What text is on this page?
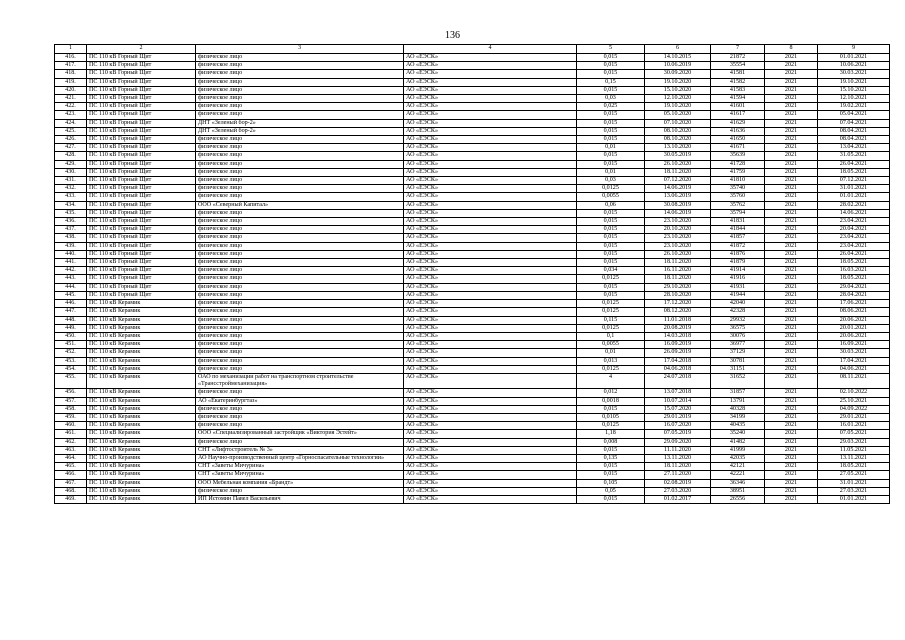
136
1	2	3	4	5	6	7	8	9
416.	ПС 110 кВ Горный Щит	физическое лицо	АО «ЕЭСК»	0,015	14.10.2015	21872	2021	01.01.2021
417.	ПС 110 кВ Горный Щит	физическое лицо	АО «ЕЭСК»	0,015	10.06.2019	35554	2021	10.06.2021
418.	ПС 110 кВ Горный Щит	физическое лицо	АО «ЕЭСК»	0,015	30.09.2020	41581	2021	30.03.2021
419.	ПС 110 кВ Горный Щит	физическое лицо	АО «ЕЭСК»	0,15	19.10.2020	41582	2021	19.10.2021
420.	ПС 110 кВ Горный Щит	физическое лицо	АО «ЕЭСК»	0,015	15.10.2020	41583	2021	15.10.2021
421.	ПС 110 кВ Горный Щит	физическое лицо	АО «ЕЭСК»	0,03	12.10.2020	41594	2021	12.10.2021
422.	ПС 110 кВ Горный Щит	физическое лицо	АО «ЕЭСК»	0,025	19.10.2020	41601	2021	19.02.2021
423.	ПС 110 кВ Горный Щит	физическое лицо	АО «ЕЭСК»	0,015	05.10.2020	41617	2021	05.04.2021
424.	ПС 110 кВ Горный Щит	ДНТ «Зеленый бор-2»	АО «ЕЭСК»	0,015	07.10.2020	41629	2021	07.04.2021
425.	ПС 110 кВ Горный Щит	ДНТ «Зеленый бор-2»	АО «ЕЭСК»	0,015	08.10.2020	41636	2021	08.04.2021
426.	ПС 110 кВ Горный Щит	физическое лицо	АО «ЕЭСК»	0,015	08.10.2020	41650	2021	08.04.2021
427.	ПС 110 кВ Горный Щит	физическое лицо	АО «ЕЭСК»	0,01	13.10.2020	41671	2021	13.04.2021
428.	ПС 110 кВ Горный Щит	физическое лицо	АО «ЕЭСК»	0,015	30.05.2019	35639	2021	31.05.2021
429.	ПС 110 кВ Горный Щит	физическое лицо	АО «ЕЭСК»	0,015	26.10.2020	41728	2021	26.04.2021
430.	ПС 110 кВ Горный Щит	физическое лицо	АО «ЕЭСК»	0,01	18.11.2020	41759	2021	18.05.2021
431.	ПС 110 кВ Горный Щит	физическое лицо	АО «ЕЭСК»	0,03	07.12.2020	41810	2021	07.12.2021
432.	ПС 110 кВ Горный Щит	физическое лицо	АО «ЕЭСК»	0,0125	14.06.2019	35740	2021	31.01.2021
433.	ПС 110 кВ Горный Щит	физическое лицо	АО «ЕЭСК»	0,0055	13.06.2019	35760	2021	01.01.2021
434.	ПС 110 кВ Горный Щит	ООО «Северный Капитал»	АО «ЕЭСК»	0,06	30.08.2019	35762	2021	28.02.2021
435.	ПС 110 кВ Горный Щит	физическое лицо	АО «ЕЭСК»	0,015	14.06.2019	35794	2021	14.06.2021
436.	ПС 110 кВ Горный Щит	физическое лицо	АО «ЕЭСК»	0,015	23.10.2020	41831	2021	23.04.2021
437.	ПС 110 кВ Горный Щит	физическое лицо	АО «ЕЭСК»	0,015	20.10.2020	41844	2021	20.04.2021
438.	ПС 110 кВ Горный Щит	физическое лицо	АО «ЕЭСК»	0,015	23.10.2020	41857	2021	23.04.2021
439.	ПС 110 кВ Горный Щит	физическое лицо	АО «ЕЭСК»	0,015	23.10.2020	41872	2021	23.04.2021
440.	ПС 110 кВ Горный Щит	физическое лицо	АО «ЕЭСК»	0,015	26.10.2020	41876	2021	26.04.2021
441.	ПС 110 кВ Горный Щит	физическое лицо	АО «ЕЭСК»	0,015	18.11.2020	41879	2021	18.05.2021
442.	ПС 110 кВ Горный Щит	физическое лицо	АО «ЕЭСК»	0,034	16.11.2020	41914	2021	16.03.2021
443.	ПС 110 кВ Горный Щит	физическое лицо	АО «ЕЭСК»	0,0125	18.11.2020	41916	2021	18.05.2021
444.	ПС 110 кВ Горный Щит	физическое лицо	АО «ЕЭСК»	0,015	29.10.2020	41931	2021	29.04.2021
445.	ПС 110 кВ Горный Щит	физическое лицо	АО «ЕЭСК»	0,015	28.10.2020	41944	2021	28.04.2021
446.	ПС 110 кВ Керамик	физическое лицо	АО «ЕЭСК»	0,0125	17.12.2020	42040	2021	17.06.2021
447.	ПС 110 кВ Керамик	физическое лицо	АО «ЕЭСК»	0,0125	08.12.2020	42328	2021	08.06.2021
448.	ПС 110 кВ Керамик	физическое лицо	АО «ЕЭСК»	0,115	11.01.2018	29932	2021	20.06.2021
449.	ПС 110 кВ Керамик	физическое лицо	АО «ЕЭСК»	0,0125	20.08.2019	36575	2021	20.01.2021
450.	ПС 110 кВ Керамик	физическое лицо	АО «ЕЭСК»	0,1	14.03.2018	30076	2021	20.06.2021
451.	ПС 110 кВ Керамик	физическое лицо	АО «ЕЭСК»	0,0055	16.09.2019	36977	2021	16.09.2021
452.	ПС 110 кВ Керамик	физическое лицо	АО «ЕЭСК»	0,01	26.09.2019	37129	2021	30.03.2021
453.	ПС 110 кВ Керамик	физическое лицо	АО «ЕЭСК»	0,013	17.04.2018	30781	2021	17.04.2021
454.	ПС 110 кВ Керамик	физическое лицо	АО «ЕЭСК»	0,0125	04.06.2018	31151	2021	04.06.2021
455.	ПС 110 кВ Керамик	ОАО по механизации работ на транспортном строительстве «Трансстроймеханизация»	АО «ЕЭСК»	4	24.07.2018	31652	2021	08.11.2021
456.	ПС 110 кВ Керамик	физическое лицо	АО «ЕЭСК»	0,012	13.07.2018	31857	2021	02.10.2022
457.	ПС 110 кВ Керамик	АО «Екатеринбургтаз»	АО «ЕЭСК»	0,0018	10.07.2014	13791	2021	25.10.2021
458.	ПС 110 кВ Керамик	физическое лицо	АО «ЕЭСК»	0,015	15.07.2020	40328	2021	04.09.2022
459.	ПС 110 кВ Керамик	физическое лицо	АО «ЕЭСК»	0,0105	29.01.2019	34199	2021	29.01.2021
460.	ПС 110 кВ Керамик	физическое лицо	АО «ЕЭСК»	0,0125	16.07.2020	40435	2021	16.01.2021
461.	ПС 110 кВ Керамик	ООО «Специализированный застройщик «Виктория Эстейт»	АО «ЕЭСК»	1,18	07.05.2019	35240	2021	07.05.2021
462.	ПС 110 кВ Керамик	физическое лицо	АО «ЕЭСК»	0,008	29.09.2020	41482	2021	29.03.2021
463.	ПС 110 кВ Керамик	СНТ «Лифтостроитель № 3»	АО «ЕЭСК»	0,015	11.11.2020	41999	2021	11.05.2021
464.	ПС 110 кВ Керамик	АО Научно-производственный центр «Горноспасательные технологии»	АО «ЕЭСК»	0,135	13.11.2020	42035	2021	13.11.2021
465.	ПС 110 кВ Керамик	СНТ «Заветы Мичурина»	АО «ЕЭСК»	0,015	18.11.2020	42121	2021	18.05.2021
466.	ПС 110 кВ Керамик	СНТ «Заветы Мичурина»	АО «ЕЭСК»	0,015	27.11.2020	42221	2021	27.05.2021
467.	ПС 110 кВ Керамик	ООО Мебельная компания «Брандт»	АО «ЕЭСК»	0,105	02.08.2019	36346	2021	31.01.2021
468.	ПС 110 кВ Керамик	физическое лицо	АО «ЕЭСК»	0,05	27.03.2020	38951	2021	27.03.2021
469.	ПС 110 кВ Керамик	ИП Истомин Павел Васильевич	АО «ЕЭСК»	0,015	01.02.2017	26556	2021	01.01.2021
